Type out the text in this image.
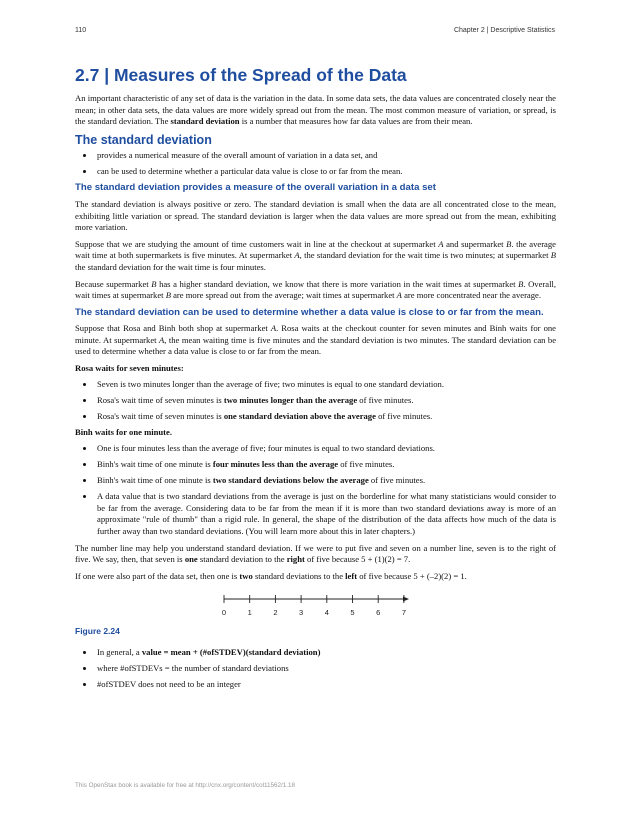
110	Chapter 2 | Descriptive Statistics
2.7 | Measures of the Spread of the Data

An important characteristic of any set of data is the variation in the data. In some data sets, the data values are concentrated closely near the mean; in other data sets, the data values are more widely spread out from the mean. The most common measure of variation, or spread, is the standard deviation. The standard deviation is a number that measures how far data values are from their mean.

The standard deviation
• provides a numerical measure of the overall amount of variation in a data set, and
• can be used to determine whether a particular data value is close to or far from the mean.
The standard deviation provides a measure of the overall variation in a data set

The standard deviation is always positive or zero. The standard deviation is small when the data are all concentrated close to the mean, exhibiting little variation or spread. The standard deviation is larger when the data values are more spread out from the mean, exhibiting more variation.

Suppose that we are studying the amount of time customers wait in line at the checkout at supermarket A and supermarket B. the average wait time at both supermarkets is five minutes. At supermarket A, the standard deviation for the wait time is two minutes; at supermarket B the standard deviation for the wait time is four minutes.

Because supermarket B has a higher standard deviation, we know that there is more variation in the wait times at supermarket B. Overall, wait times at supermarket B are more spread out from the average; wait times at supermarket A are more concentrated near the average.

The standard deviation can be used to determine whether a data value is close to or far from the mean.

Suppose that Rosa and Binh both shop at supermarket A. Rosa waits at the checkout counter for seven minutes and Binh waits for one minute. At supermarket A, the mean waiting time is five minutes and the standard deviation is two minutes. The standard deviation can be used to determine whether a data value is close to or far from the mean.

Rosa waits for seven minutes:

• Seven is two minutes longer than the average of five; two minutes is equal to one standard deviation.
• Rosa's wait time of seven minutes is two minutes longer than the average of five minutes.
• Rosa's wait time of seven minutes is one standard deviation above the average of five minutes.

Binh waits for one minute.

• One is four minutes less than the average of five; four minutes is equal to two standard deviations.
• Binh's wait time of one minute is four minutes less than the average of five minutes.
• Binh's wait time of one minute is two standard deviations below the average of five minutes.
• A data value that is two standard deviations from the average is just on the borderline for what many statisticians would consider to be far from the average. Considering data to be far from the mean if it is more than two standard deviations away is more of an approximate "rule of thumb" than a rigid rule. In general, the shape of the distribution of the data affects how much of the data is further away than two standard deviations. (You will learn more about this in later chapters.)

The number line may help you understand standard deviation. If we were to put five and seven on a number line, seven is to the right of five. We say, then, that seven is one standard deviation to the right of five because 5 + (1)(2) = 7.

If one were also part of the data set, then one is two standard deviations to the left of five because 5 + (–2)(2) = 1.

0	1	2	3	4	5	6	7
Figure 2.24
• In general, a value = mean + (#ofSTDEV)(standard deviation)
• where #ofSTDEVs = the number of standard deviations
• #ofSTDEV does not need to be an integer
This OpenStax book is available for free at http://cnx.org/content/col11562/1.18
